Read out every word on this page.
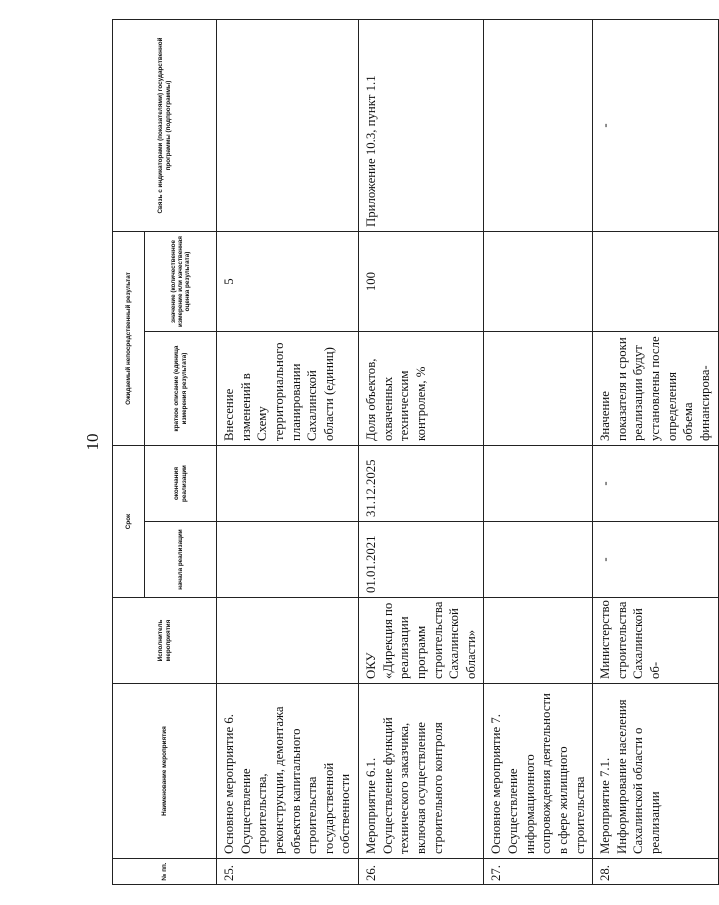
10
№ пп.	Наименование мероприятия	Исполнитель мероприятия	Срок		Ожидаемый непосредственный результат		Связь с индикаторами (показателями) государственной программы (подпрограммы)
			начала реализации	окончания реализации	краткое описание (единица измерения результата)	значение (количественное измерение или качественная оценка результата)	
25.	Основное мероприятие 6. Осуществление строительства, реконструкции, демонтажа объектов капитального строительства государственной собственности				Внесение изменений в Схему территориального планировании Сахалинской области (единиц)	5	
26.	Мероприятие 6.1. Осуществление функций технического заказчика, включая осуществление строительного контроля	ОКУ «Дирекция по реализации программ строительства Сахалинской области»	01.01.2021	31.12.2025	Доля объектов, охваченных техническим контролем, %	100	Приложение 10.3, пункт 1.1
27.	Основное мероприятие 7. Осуществление информационного сопровождения деятельности в сфере жилищного строительства						
28.	Мероприятие 7.1. Информирование населения Сахалинской области о реализации	Министерство строительства Сахалинской об-	-	-	Значение показателя и сроки реализации будут установлены после определения объема финансирова-		-
